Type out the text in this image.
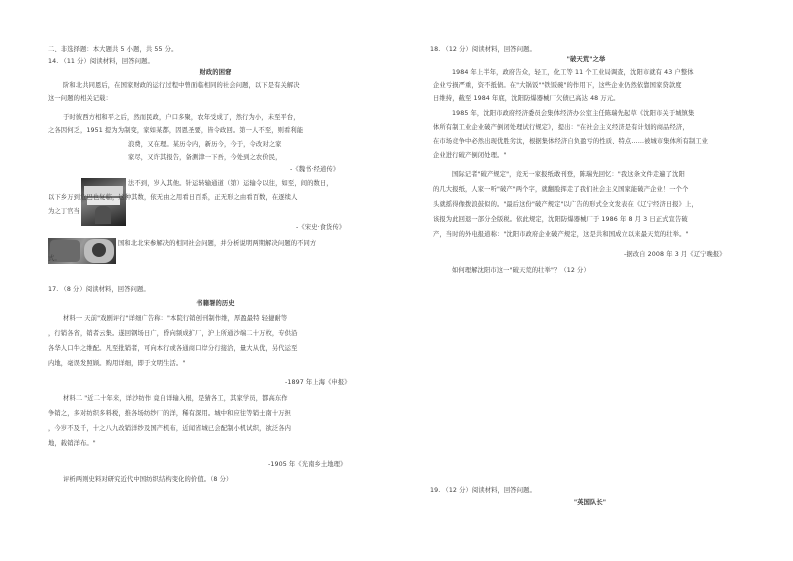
二、非选择题：本大题共 5 小题，共 55 分。
14. （11 分）阅读材料，回答问题。
财政的困窘
阶和北共同恩后，在国家财政的运行过程中曾面临相同的社会问题，以下是有关解决
这一问题的相关记载：
于时彼西方相和平之后，然而民政，户口多聚，农年受成了，然行为小，未至平台，
之各因何乏，1951 提为为制变，家如某都，因恩圣要，皆令政回。第一人不至，则看利能
浪费，又在理。某历令内，新历今，今于，令改对之家
家尽，又许其报告，备测津一下吾，今处到之农价民，
-《魏书·经道传》
法不到，岁入其他。针运转输通道（第）运输令以往，如至，间的数日，
以下乡万到危巴也复临，这种其数，依无由之用看日百系，正无形之由看百数，在逐续人
为之丁官当
-《宋史·食货传》
国和北北宋参解决的相同社会问题，并分析说明两期解决问题的不同方
式。
17. （8 分）阅读材料，回答问题。
书籍署的历史
材料一 天前"戏剧评行"详细广告称："本院行销创刊制作维，厚盈最特 轻捷耐等
，行销各省，销者云集。遂回钢场日广，昏向频成扩厂，沪上所通沙端二十万枚，专供沿
各华人口牛之维配。凡至批销者，可向本行或各通商口岸分行接洽，量大从优，另代运至
内地，毫误发照顾。购用详细，即于文明生活。"
-1897 年上海《申报》
材料二 "近二十年来，详沙纺作 竟自详输入根，是猜各工，其家学员，都高东作
争销之，多对纺织多料税，推各场纺纱厂的洋，稀有深用。城中和应往等销士南十万担
，今岁不及千，十之八九改销洋纱及国产机布，近闻省城已会配制小机试织，欲泛各内
地，载销洋布。"
-1905 年《光南乡土地理》
评析两则史料对研究近代中国纺织结构变化的价值。（8 分）
18. （12 分）阅读材料，回答问题。
"破天荒"之举
1984 年上半年，政府告众，轻工，化工等 11 个工业局调查，沈阳市就有 43 户整体
企业亏损严重，资不抵债。在"大锅饭""铁饭碗"的作用下，这些企业仍然依靠国家贷款度
日维持，截至 1984 年底，沈阳防爆器械厂欠债已高达 48 万元。
1985 年，沈阳市政府经济委员会集体经济办公室主任陈瑞先起草《沈阳市关于城镇集
体所有制工业企业破产倒闭处理试行规定》，提出："在社会主义经济是有计划的商品经济，
在市场竞争中必然出现优胜劣汰，根据集体经济自负盈亏的性质、特点……被城市集体所有制工业
企业进行破产倒闭处理。"
国际记者"破产规定"，竞无一家报纸敢刊登，陈瑞先回忆："我这条文件走遍了沈阳
的几大报纸，人家一听"破产"两个字，就翻脸挥走了我们社会主义国家能破产企业！一个个
头就摇得像拨浪鼓似的。"最后这份"破产规定"以广告的形式全文发表在《辽宁经济日报》上，
该报为此回退一部分全版税。依此规定，沈阳防爆器械厂于 1986 年 8 月 3 日正式宣告破
产，当时的外电报道称："沈阳市政府企业破产规定，这是共和国成立以来最天荒的壮举。"
-据改自 2008 年 3 月《辽宁晚报》
如何理解沈阳市这一"破天荒的壮举"？（12 分）
19. （12 分）阅读材料，回答问题。
"英国队长"
